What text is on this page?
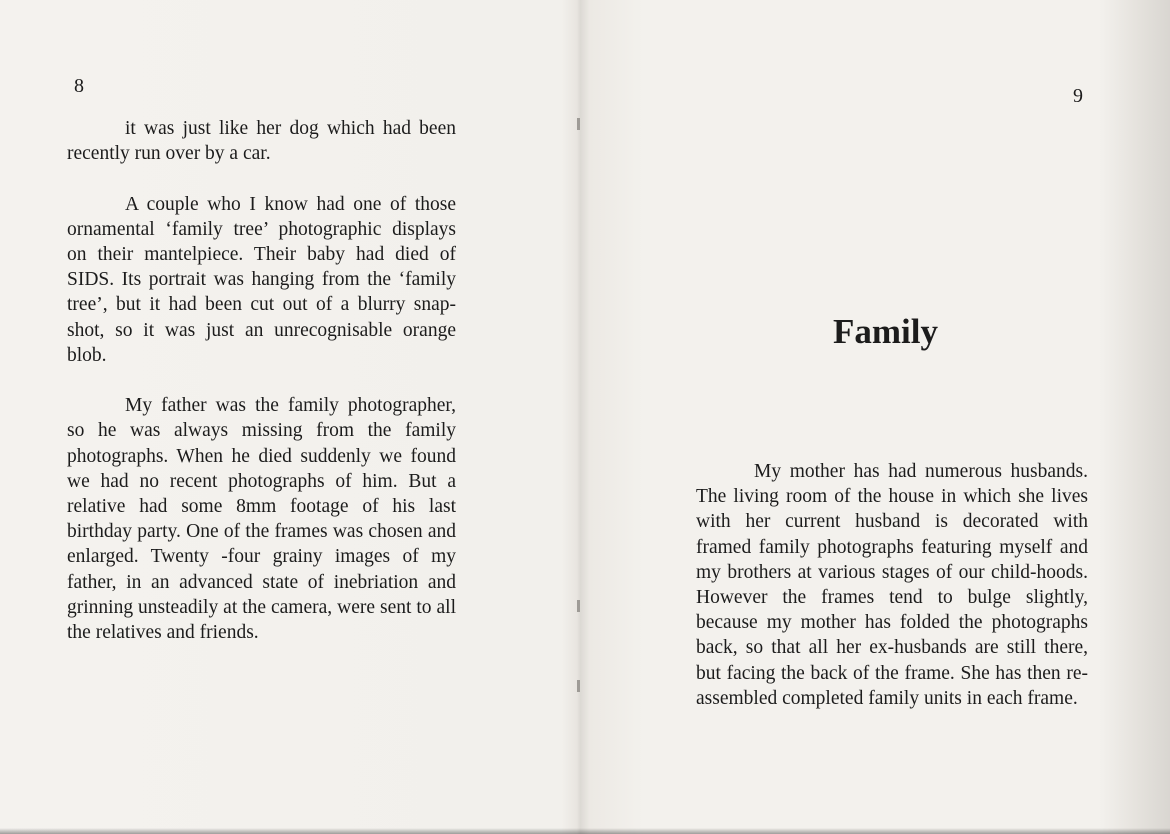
8

it was just like her dog which had been recently run over by a car.

A couple who I know had one of those ornamental ‘family tree’ photographic displays on their mantelpiece. Their baby had died of SIDS. Its portrait was hanging from the ‘family tree’, but it had been cut out of a blurry snap-shot, so it was just an unrecognisable orange blob.

My father was the family photographer, so he was always missing from the family photographs. When he died suddenly we found we had no recent photographs of him. But a relative had some 8mm footage of his last birthday party. One of the frames was chosen and enlarged. Twenty -four grainy images of my father, in an advanced state of inebriation and grinning unsteadily at the camera, were sent to all the relatives and friends.

9
Family

My mother has had numerous husbands. The living room of the house in which she lives with her current husband is decorated with framed family photographs featuring myself and my brothers at various stages of our child-hoods. However the frames tend to bulge slightly, because my mother has folded the photographs back, so that all her ex-husbands are still there, but facing the back of the frame. She has then re-assembled completed family units in each frame.
